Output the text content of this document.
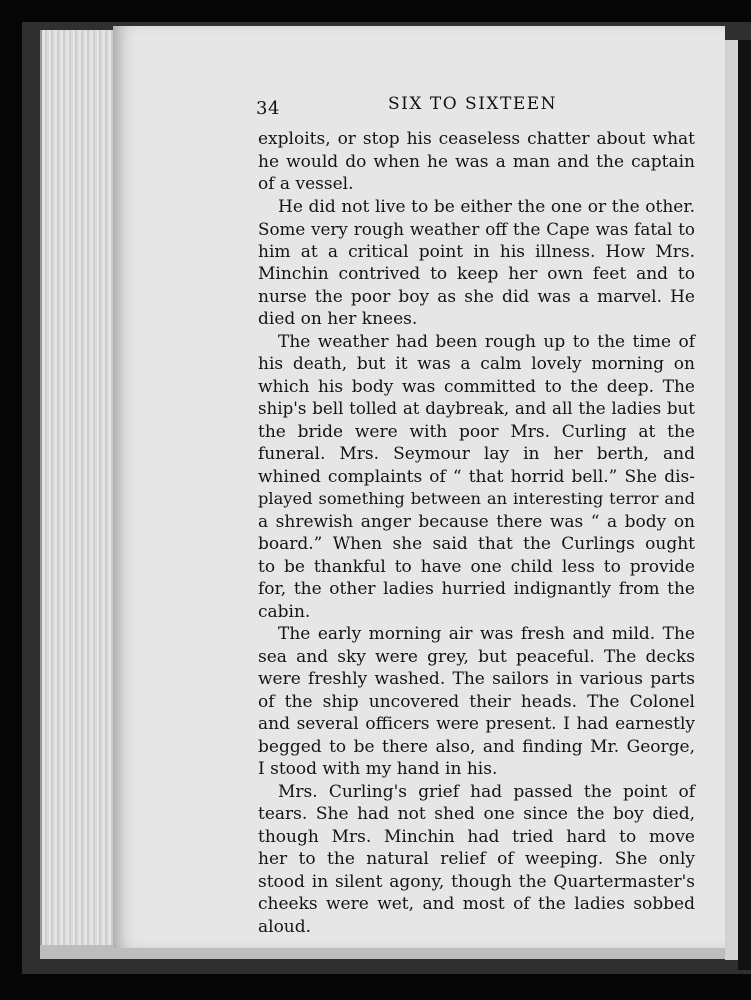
34	SIX TO SIXTEEN
exploits, or stop his ceaseless chatter about what
he would do when he was a man and the captain
of a vessel.
He did not live to be either the one or the other.
Some very rough weather off the Cape was fatal to
him at a critical point in his illness. How Mrs.
Minchin contrived to keep her own feet and to
nurse the poor boy as she did was a marvel. He
died on her knees.
The weather had been rough up to the time of
his death, but it was a calm lovely morning on
which his body was committed to the deep. The
ship's bell tolled at daybreak, and all the ladies but
the bride were with poor Mrs. Curling at the
funeral. Mrs. Seymour lay in her berth, and
whined complaints of “ that horrid bell.” She dis-
played something between an interesting terror and
a shrewish anger because there was “ a body on
board.” When she said that the Curlings ought
to be thankful to have one child less to provide
for, the other ladies hurried indignantly from the
cabin.
The early morning air was fresh and mild. The
sea and sky were grey, but peaceful. The decks
were freshly washed. The sailors in various parts
of the ship uncovered their heads. The Colonel
and several officers were present. I had earnestly
begged to be there also, and finding Mr. George,
I stood with my hand in his.
Mrs. Curling's grief had passed the point of
tears. She had not shed one since the boy died,
though Mrs. Minchin had tried hard to move
her to the natural relief of weeping. She only
stood in silent agony, though the Quartermaster's
cheeks were wet, and most of the ladies sobbed
aloud.
